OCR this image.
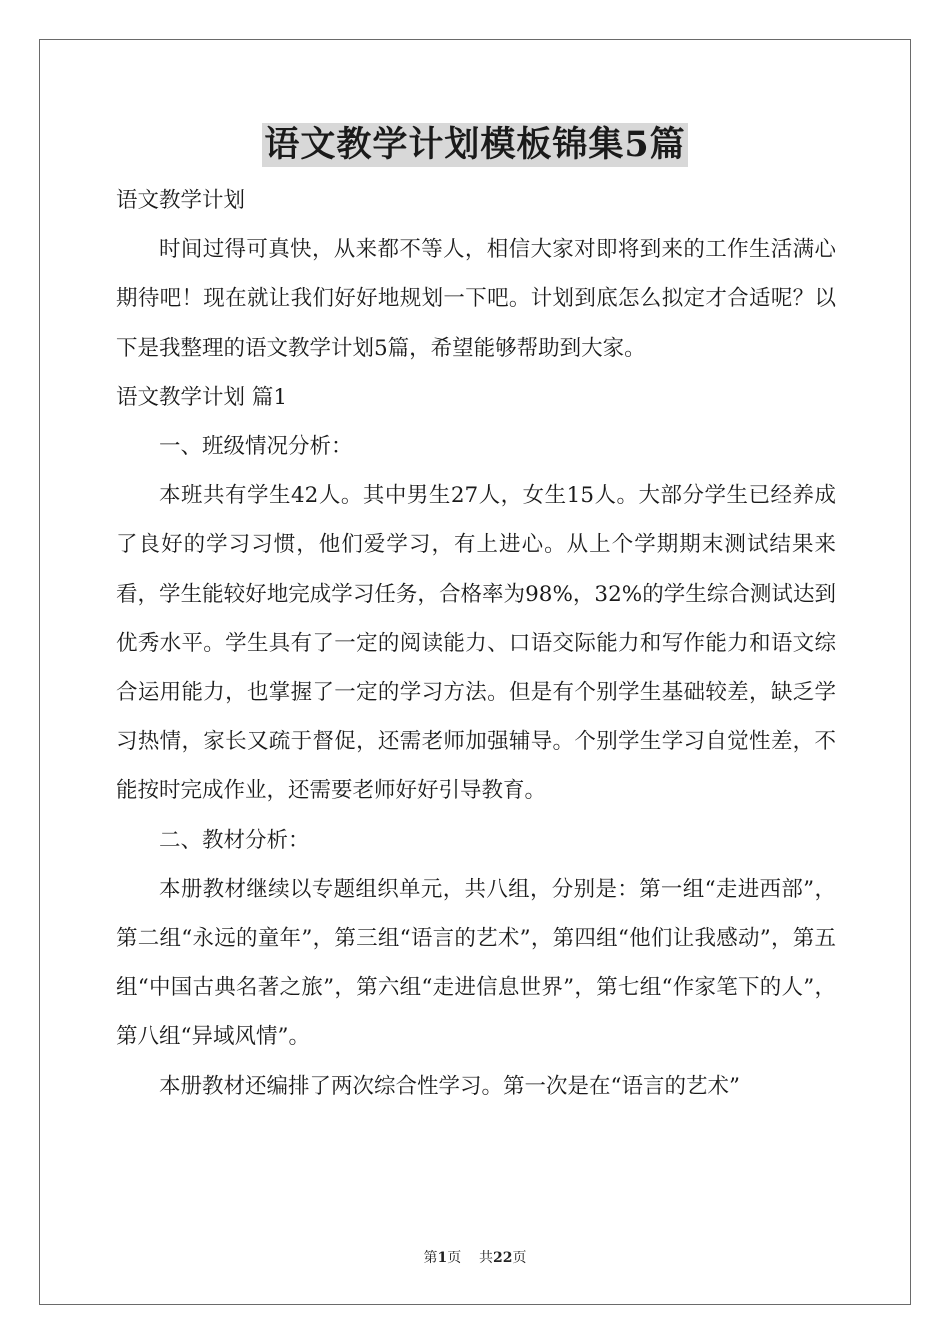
语文教学计划模板锦集5篇

语文教学计划

时间过得可真快，从来都不等人，相信大家对即将到来的工作生活满心期待吧！现在就让我们好好地规划一下吧。计划到底怎么拟定才合适呢？以下是我整理的语文教学计划5篇，希望能够帮助到大家。

语文教学计划 篇1

一、班级情况分析：

本班共有学生42人。其中男生27人，女生15人。大部分学生已经养成了良好的学习习惯，他们爱学习，有上进心。从上个学期期末测试结果来看，学生能较好地完成学习任务，合格率为98%，32%的学生综合测试达到优秀水平。学生具有了一定的阅读能力、口语交际能力和写作能力和语文综合运用能力，也掌握了一定的学习方法。但是有个别学生基础较差，缺乏学习热情，家长又疏于督促，还需老师加强辅导。个别学生学习自觉性差，不能按时完成作业，还需要老师好好引导教育。

二、教材分析：

本册教材继续以专题组织单元，共八组，分别是：第一组“走进西部”，第二组“永远的童年”，第三组“语言的艺术”，第四组“他们让我感动”，第五组“中国古典名著之旅”，第六组“走进信息世界”，第七组“作家笔下的人”，第八组“异域风情”。

本册教材还编排了两次综合性学习。第一次是在“语言的艺术”

第1页    共22页
